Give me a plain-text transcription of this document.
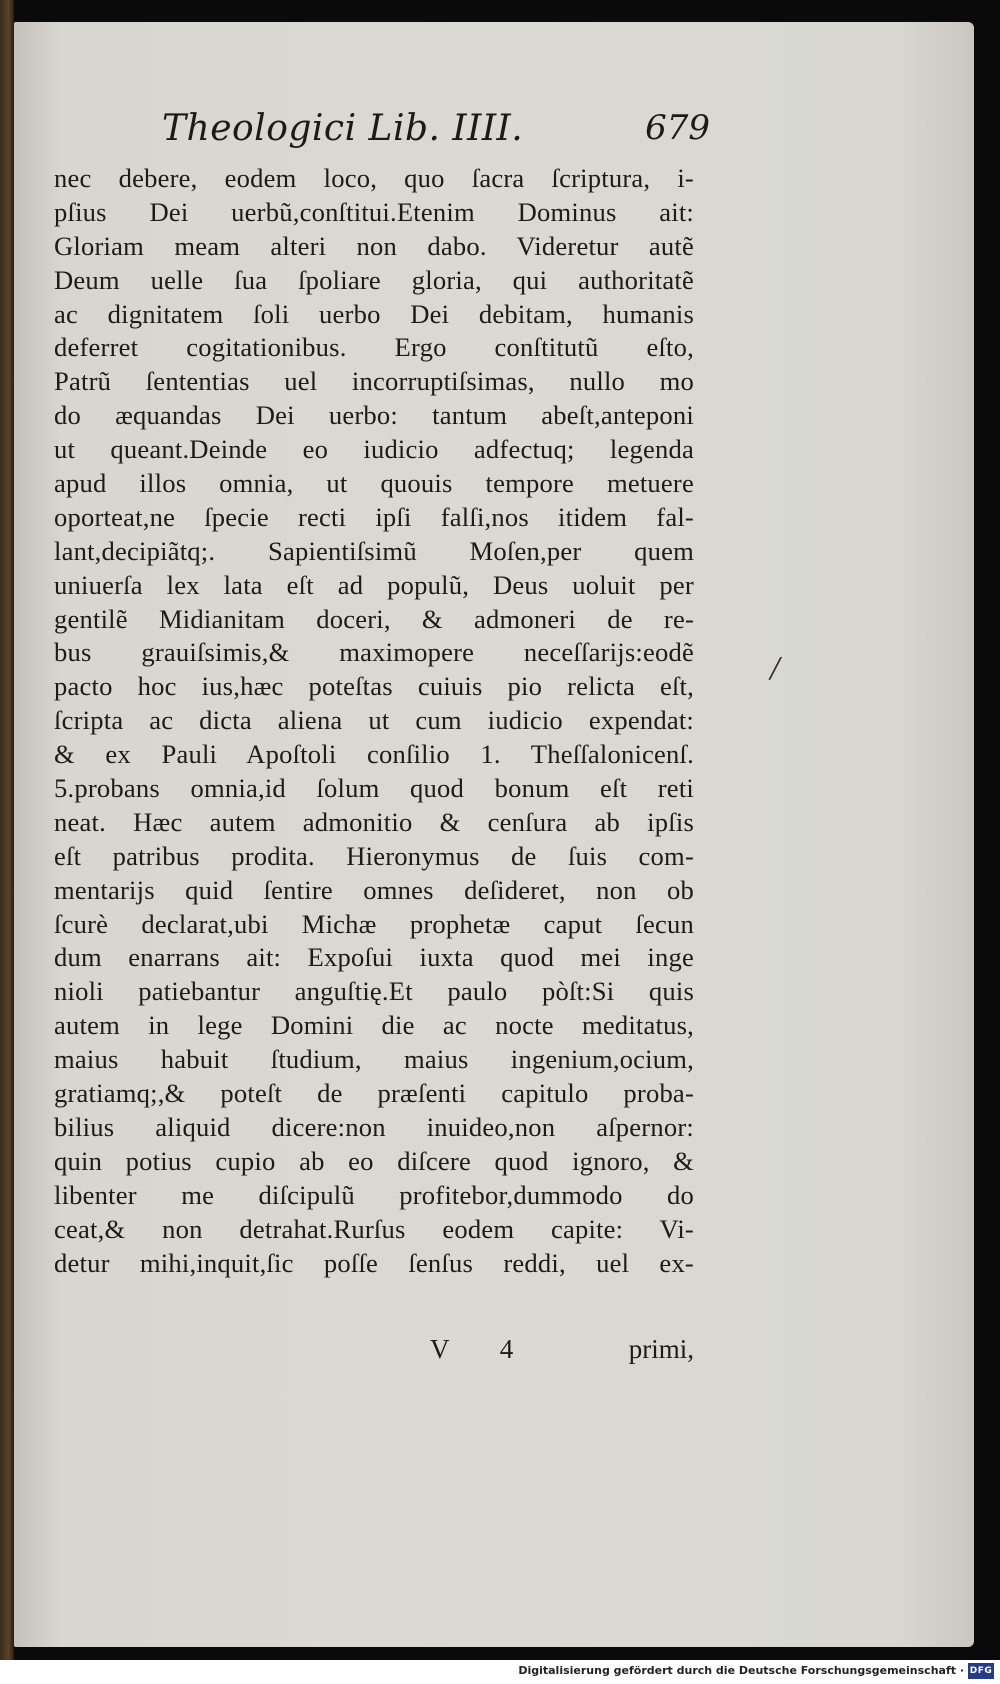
Theologici Lib. IIII.	679
nec debere, eodem loco, quo ſacra ſcriptura, i-
pſius Dei uerbũ,conſtitui.Etenim Dominus ait:
Gloriam meam alteri non dabo. Videretur autẽ
Deum uelle ſua ſpoliare gloria, qui authoritatẽ
ac dignitatem ſoli uerbo Dei debitam, humanis
deferret cogitationibus. Ergo conſtitutũ eſto,
Patrũ ſententias uel incorruptiſsimas, nullo mo
do æquandas Dei uerbo: tantum abeſt,anteponi
ut queant.Deinde eo iudicio adfectuq; legenda
apud illos omnia, ut quouis tempore metuere
oporteat,ne ſpecie recti ipſi falſi,nos itidem fal-
lant,decipiãtq;. Sapientiſsimũ Moſen,per quem
uniuerſa lex lata eſt ad populũ, Deus uoluit per
gentilẽ Midianitam doceri, & admoneri de re-
bus grauiſsimis,& maximopere neceſſarijs:eodẽ
pacto hoc ius,hæc poteſtas cuiuis pio relicta eſt,
ſcripta ac dicta aliena ut cum iudicio expendat:
& ex Pauli Apoſtoli conſilio 1. Theſſalonicenſ.
5.probans omnia,id ſolum quod bonum eſt reti
neat. Hæc autem admonitio & cenſura ab ipſis
eſt patribus prodita. Hieronymus de ſuis com-
mentarijs quid ſentire omnes deſideret, non ob
ſcurè declarat,ubi Michæ prophetæ caput ſecun
dum enarrans ait: Expoſui iuxta quod mei inge
nioli patiebantur anguſtię.Et paulo pòſt:Si quis
autem in lege Domini die ac nocte meditatus,
maius habuit ſtudium, maius ingenium,ocium,
gratiamq;,& poteſt de præſenti capitulo proba-
bilius aliquid dicere:non inuideo,non aſpernor:
quin potius cupio ab eo diſcere quod ignoro, &
libenter me diſcipulũ profitebor,dummodo do
ceat,& non detrahat.Rurſus eodem capite: Vi-
detur mihi,inquit,ſic poſſe ſenſus reddi, uel ex-
V 4	primi,
/
Digitalisierung gefördert durch die Deutsche Forschungsgemeinschaft · DFG
